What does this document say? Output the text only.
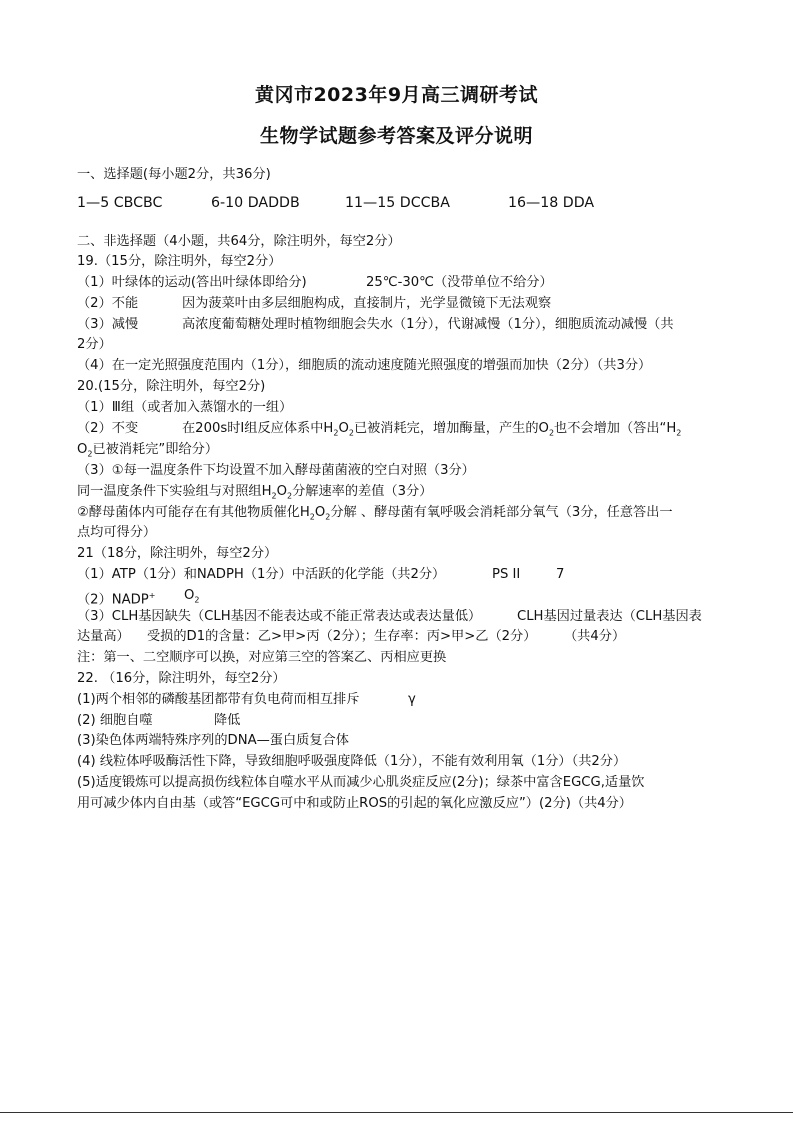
黄冈市2023年9月高三调研考试
生物学试题参考答案及评分说明
一、选择题(每小题2分，共36分)
1—5 CBCBC	6-10 DADDB	11—15 DCCBA	16—18 DDA
二、非选择题（4小题，共64分，除注明外，每空2分）
19.（15分，除注明外，每空2分）
（1）叶绿体的运动(答出叶绿体即给分)	25℃-30℃（没带单位不给分）
（2）不能	因为菠菜叶由多层细胞构成，直接制片，光学显微镜下无法观察
（3）减慢	高浓度葡萄糖处理时植物细胞会失水（1分），代谢减慢（1分），细胞质流动减慢（共
2分）
（4）在一定光照强度范围内（1分），细胞质的流动速度随光照强度的增强而加快（2分）（共3分）
20.(15分，除注明外，每空2分)
（1）Ⅲ组（或者加入蒸馏水的一组）
（2）不变	在200s时Ⅰ组反应体系中$H_2O_2$已被消耗完，增加酶量，产生的$O_2$也不会增加（答出“$H_2$
$O_2$已被消耗完”即给分）
（3）①每一温度条件下均设置不加入酵母菌菌液的空白对照（3分）
同一温度条件下实验组与对照组$H_2O_2$分解速率的差值（3分）
②酵母菌体内可能存在有其他物质催化$H_2O_2$分解 、酵母菌有氧呼吸会消耗部分氧气（3分，任意答出一
点均可得分）
21（18分，除注明外，每空2分）
（1）ATP（1分）和NADPH（1分）中活跃的化学能（共2分）	PS II	7
（2）NADP+ $O_2$
（3）CLH基因缺失（CLH基因不能表达或不能正常表达或表达量低）	CLH基因过量表达（CLH基因表
达量高） 受损的D1的含量：乙>甲>丙（2分）；生存率：丙>甲>乙（2分） （共4分）
注：第一、二空顺序可以换，对应第三空的答案乙、丙相应更换
22. （16分，除注明外，每空2分）
(1)两个相邻的磷酸基团都带有负电荷而相互排斥	γ
(2) 细胞自噬	降低
(3)染色体两端特殊序列的DNA—蛋白质复合体
(4) 线粒体呼吸酶活性下降，导致细胞呼吸强度降低（1分），不能有效利用氧（1分）（共2分）
(5)适度锻炼可以提高损伤线粒体自噬水平从而减少心肌炎症反应(2分)；绿茶中富含EGCG,适量饮
用可减少体内自由基（或答“EGCG可中和或防止ROS的引起的氧化应激反应”）(2分)（共4分）
